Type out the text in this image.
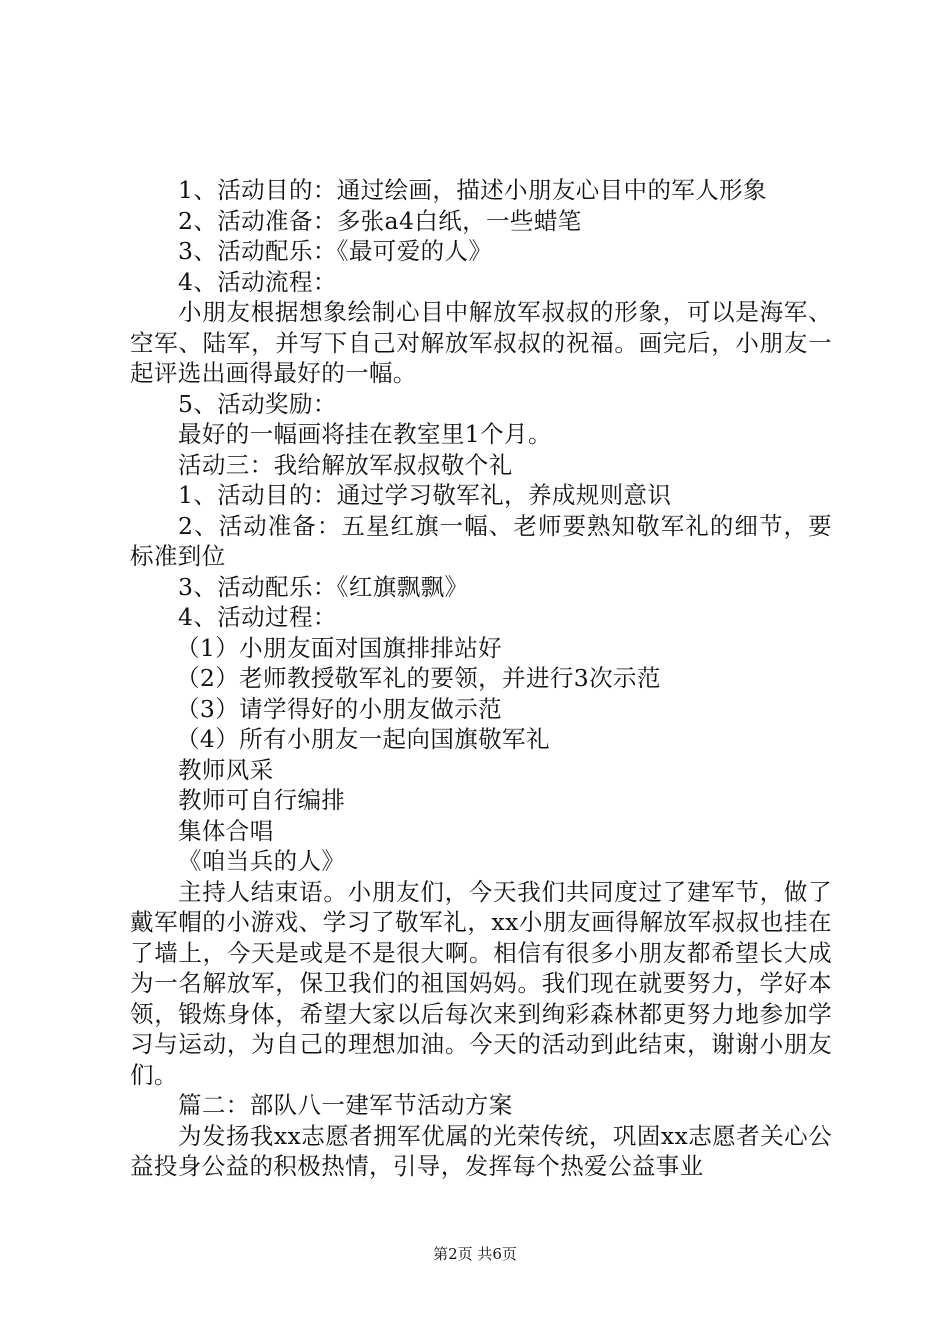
1、活动目的：通过绘画，描述小朋友心目中的军人形象

2、活动准备：多张a4白纸，一些蜡笔

3、活动配乐：《最可爱的人》

4、活动流程：

小朋友根据想象绘制心目中解放军叔叔的形象，可以是海军、空军、陆军，并写下自己对解放军叔叔的祝福。画完后，小朋友一起评选出画得最好的一幅。

5、活动奖励：

最好的一幅画将挂在教室里1个月。

活动三：我给解放军叔叔敬个礼

1、活动目的：通过学习敬军礼，养成规则意识

2、活动准备：五星红旗一幅、老师要熟知敬军礼的细节，要标准到位

3、活动配乐：《红旗飘飘》

4、活动过程：

（1）小朋友面对国旗排排站好

（2）老师教授敬军礼的要领，并进行3次示范

（3）请学得好的小朋友做示范

（4）所有小朋友一起向国旗敬军礼

教师风采

教师可自行编排

集体合唱

《咱当兵的人》

主持人结束语。小朋友们，今天我们共同度过了建军节，做了戴军帽的小游戏、学习了敬军礼，xx小朋友画得解放军叔叔也挂在了墙上，今天是或是不是很大啊。相信有很多小朋友都希望长大成为一名解放军，保卫我们的祖国妈妈。我们现在就要努力，学好本领，锻炼身体，希望大家以后每次来到绚彩森林都更努力地参加学习与运动，为自己的理想加油。今天的活动到此结束，谢谢小朋友们。

篇二：部队八一建军节活动方案

为发扬我xx志愿者拥军优属的光荣传统，巩固xx志愿者关心公益投身公益的积极热情，引导，发挥每个热爱公益事业

第2页 共6页
